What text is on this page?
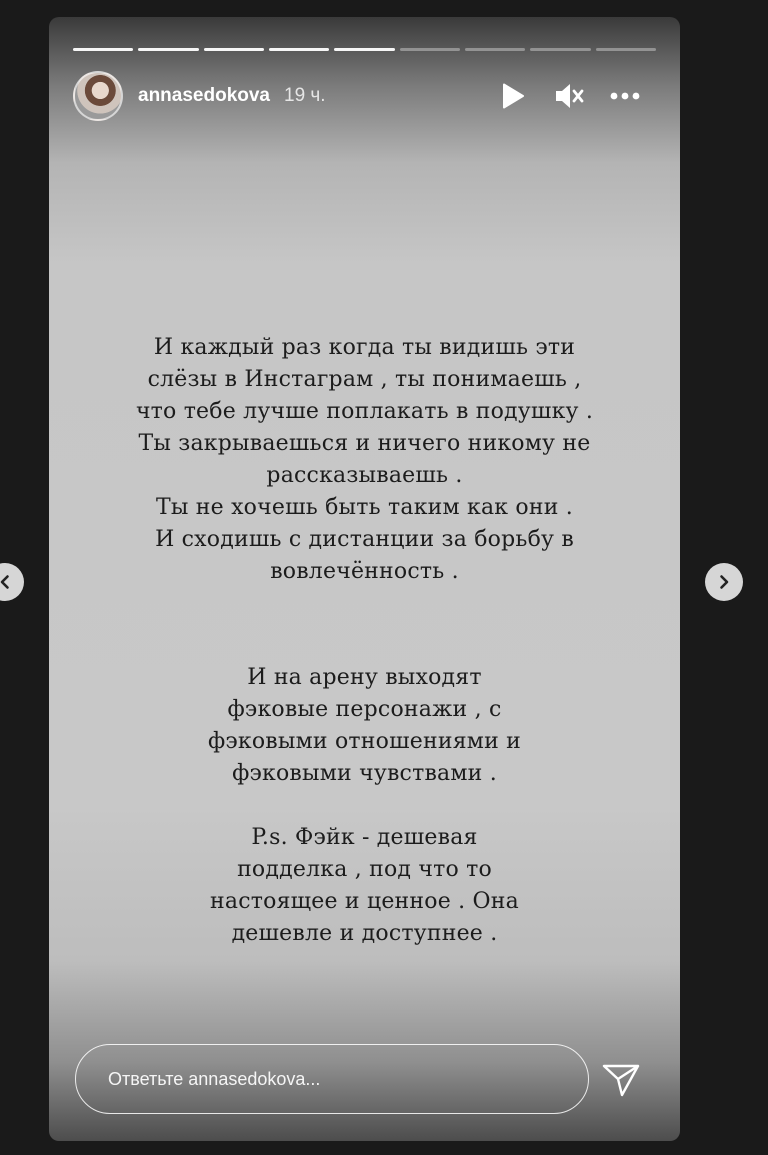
annasedokova 19 ч.
И каждый раз когда ты видишь эти
слёзы в Инстаграм , ты понимаешь ,
что тебе лучше поплакать в подушку .
Ты закрываешься и ничего никому не
рассказываешь .
Ты не хочешь быть таким как они .
И сходишь с дистанции за борьбу в
вовлечённость .
И на арену выходят
фэковые персонажи , с
фэковыми отношениями и
фэковыми чувствами .
P.s. Фэйк - дешевая
подделка , под что то
настоящее и ценное . Она
дешевле и доступнее .
Ответьте annasedokova...
